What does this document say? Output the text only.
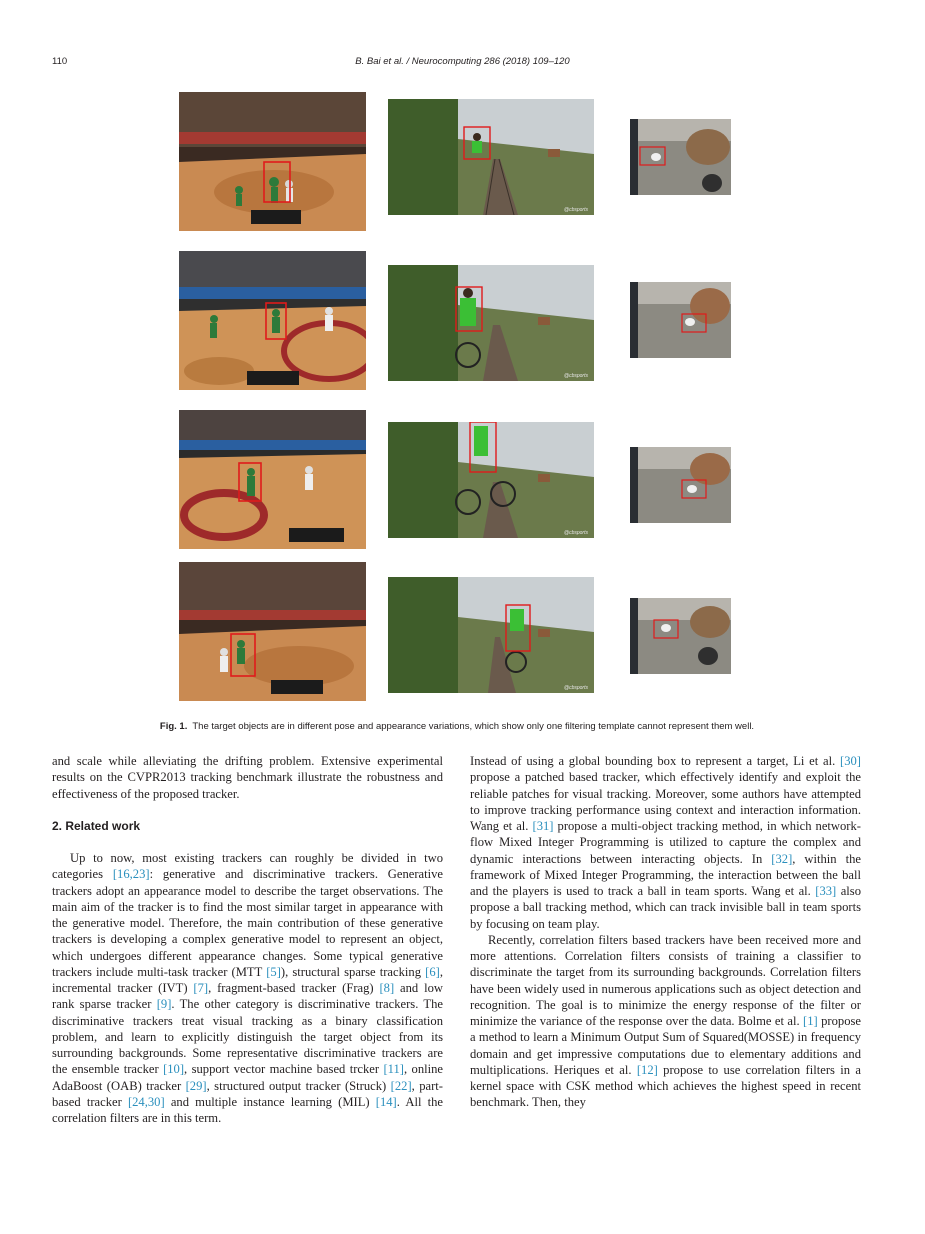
110	B. Bai et al. / Neurocomputing 286 (2018) 109–120
@cbsports
@cbsports
@cbsports
@cbsports
Fig. 1. The target objects are in different pose and appearance variations, which show only one filtering template cannot represent them well.

and scale while alleviating the drifting problem. Extensive experimental results on the CVPR2013 tracking benchmark illustrate the robustness and effectiveness of the proposed tracker.

2. Related work

Up to now, most existing trackers can roughly be divided in two categories [16,23]: generative and discriminative trackers. Generative trackers adopt an appearance model to describe the target observations. The main aim of the tracker is to find the most similar target in appearance with the generative model. Therefore, the main contribution of these generative trackers is developing a complex generative model to represent an object, which undergoes different appearance changes. Some typical generative trackers include multi-task tracker (MTT [5]), structural sparse tracking [6], incremental tracker (IVT) [7], fragment-based tracker (Frag) [8] and low rank sparse tracker [9]. The other category is discriminative trackers. The discriminative trackers treat visual tracking as a binary classification problem, and learn to explicitly distinguish the target object from its surrounding backgrounds. Some representative discriminative trackers are the ensemble tracker [10], support vector machine based trcker [11], online AdaBoost (OAB) tracker [29], structured output tracker (Struck) [22], part-based tracker [24,30] and multiple instance learning (MIL) [14]. All the correlation filters are in this term.

Instead of using a global bounding box to represent a target, Li et al. [30] propose a patched based tracker, which effectively identify and exploit the reliable patches for visual tracking. Moreover, some authors have attempted to improve tracking performance using context and interaction information. Wang et al. [31] propose a multi-object tracking method, in which network-flow Mixed Integer Programming is utilized to capture the complex and dynamic interactions between interacting objects. In [32], within the framework of Mixed Integer Programming, the interaction between the ball and the players is used to track a ball in team sports. Wang et al. [33] also propose a ball tracking method, which can track invisible ball in team sports by focusing on team play.

Recently, correlation filters based trackers have been received more and more attentions. Correlation filters consists of training a classifier to discriminate the target from its surrounding backgrounds. Correlation filters have been widely used in numerous applications such as object detection and recognition. The goal is to minimize the energy response of the filter or minimize the variance of the response over the data. Bolme et al. [1] propose a method to learn a Minimum Output Sum of Squared(MOSSE) in frequency domain and get impressive computations due to elementary additions and multiplications. Heriques et al. [12] propose to use correlation filters in a kernel space with CSK method which achieves the highest speed in recent benchmark. Then, they
